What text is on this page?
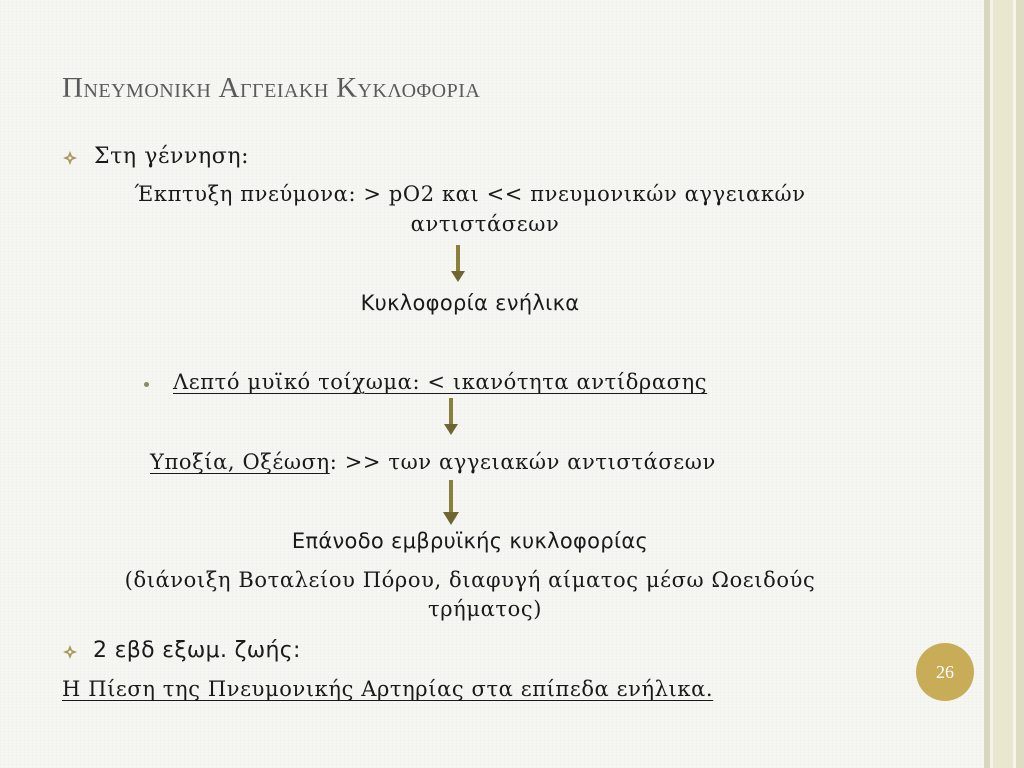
ΠΝΕΥΜΟΝΙΚΗ ΑΓΓΕΙΑΚΗ ΚΥΚΛΟΦΟΡΙΑ
Στη γέννηση:
Έκπτυξη πνεύμονα: > pO2 και << πνευμονικών αγγειακών
αντιστάσεων
Κυκλοφορία ενήλικα
Λεπτό μυϊκό τοίχωμα: < ικανότητα αντίδρασης
Υποξία, Οξέωση: >> των αγγειακών αντιστάσεων
Επάνοδο εμβρυϊκής κυκλοφορίας
(διάνοιξη Βοταλείου Πόρου, διαφυγή αίματος μέσω Ωοειδούς
τρήματος)
2 εβδ εξωμ. ζωής:
Η Πίεση της Πνευμονικής Αρτηρίας στα επίπεδα ενήλικα.
26
